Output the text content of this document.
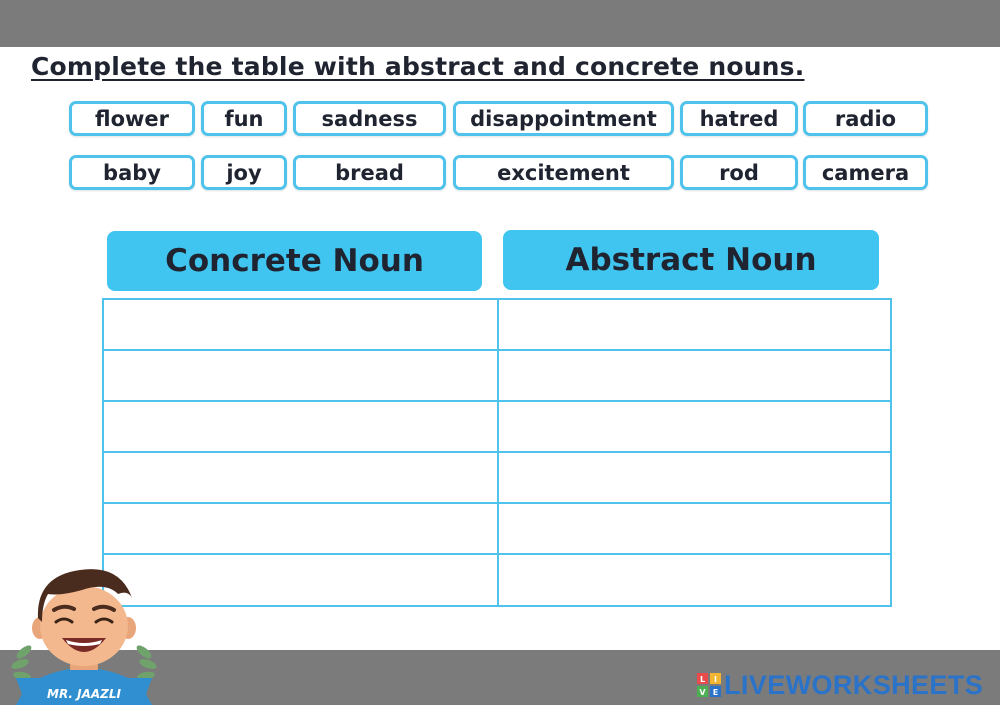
Complete the table with abstract and concrete nouns.
flower	fun	sadness	disappointment	hatred	radio
baby	joy	bread	excitement	rod	camera
Concrete Noun	Abstract Noun
MR. JAAZLI
L I
V E LIVEWORKSHEETS
